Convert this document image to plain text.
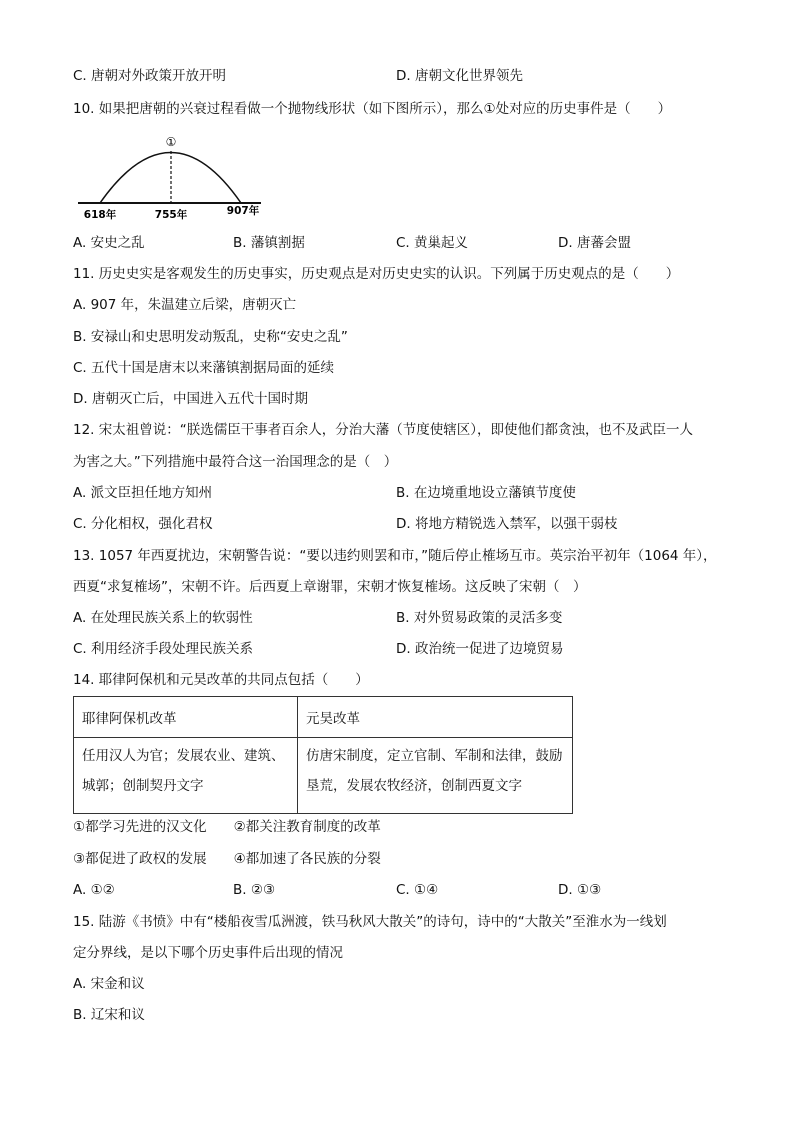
C. 唐朝对外政策开放开明	D. 唐朝文化世界领先
10. 如果把唐朝的兴衰过程看做一个抛物线形状（如下图所示），那么①处对应的历史事件是（　　）
①
618年	755年	907年
A. 安史之乱	B. 藩镇割据	C. 黄巢起义	D. 唐蕃会盟
11. 历史史实是客观发生的历史事实，历史观点是对历史史实的认识。下列属于历史观点的是（　　）
A. 907 年，朱温建立后梁，唐朝灭亡
B. 安禄山和史思明发动叛乱，史称“安史之乱”
C. 五代十国是唐末以来藩镇割据局面的延续
D. 唐朝灭亡后，中国进入五代十国时期
12. 宋太祖曾说：“朕选儒臣干事者百余人，分治大藩（节度使辖区），即使他们都贪浊，也不及武臣一人
为害之大。”下列措施中最符合这一治国理念的是（　）
A. 派文臣担任地方知州	B. 在边境重地设立藩镇节度使
C. 分化相权，强化君权	D. 将地方精锐选入禁军，以强干弱枝
13. 1057 年西夏扰边，宋朝警告说：“要以违约则罢和市，”随后停止榷场互市。英宗治平初年（1064 年），
西夏“求复榷场”，宋朝不许。后西夏上章谢罪，宋朝才恢复榷场。这反映了宋朝（　）
A. 在处理民族关系上的软弱性	B. 对外贸易政策的灵活多变
C. 利用经济手段处理民族关系	D. 政治统一促进了边境贸易
14. 耶律阿保机和元昊改革的共同点包括（　　）
耶律阿保机改革	元昊改革
任用汉人为官；发展农业、建筑、城郭；创制契丹文字	仿唐宋制度，定立官制、军制和法律，鼓励垦荒，发展农牧经济，创制西夏文字
①都学习先进的汉文化　　②都关注教育制度的改革
③都促进了政权的发展　　④都加速了各民族的分裂
A. ①②	B. ②③	C. ①④	D. ①③
15. 陆游《书愤》中有“楼船夜雪瓜洲渡，铁马秋风大散关”的诗句，诗中的“大散关”至淮水为一线划
定分界线，是以下哪个历史事件后出现的情况
A. 宋金和议
B. 辽宋和议
